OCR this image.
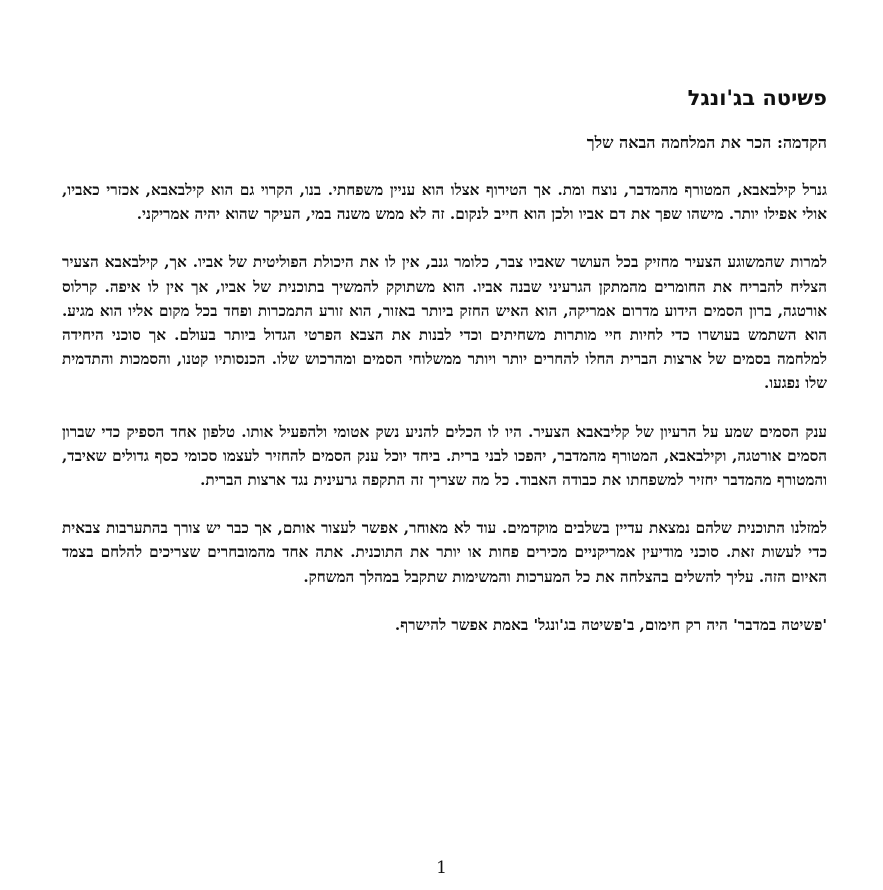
פשיטה בג'ונגל
הקדמה: הכר את המלחמה הבאה שלך

גנרל קילבאבא, המטורף מהמדבר, נוצח ומת. אך הטירוף אצלו הוא עניין משפחתי. בנו, הקרוי גם הוא קילבאבא, אכזרי כאביו, אולי אפילו יותר. מישהו שפך את דם אביו ולכן הוא חייב לנקום. זה לא ממש משנה במי, העיקר שהוא יהיה אמריקני.

למרות שהמשוגע הצעיר מחזיק בכל העושר שאביו צבר, כלומר גנב, אין לו את היכולת הפוליטית של אביו. אך, קילבאבא הצעיר הצליח להבריח את החומרים מהמתקן הגרעיני שבנה אביו. הוא משתוקק להמשיך בתוכנית של אביו, אך אין לו איפה. קרלוס אורטגה, ברון הסמים הידוע מדרום אמריקה, הוא האיש החזק ביותר באזור, הוא זורע התמכרות ופחד בכל מקום אליו הוא מגיע. הוא השתמש בעושרו כדי לחיות חיי מותרות משחיתים וכדי לבנות את הצבא הפרטי הגדול ביותר בעולם. אך סוכני היחידה למלחמה בסמים של ארצות הברית החלו להחרים יותר ויותר ממשלוחי הסמים ומהרכוש שלו. הכנסותיו קטנו, והסמכות והתדמית שלו נפגעו.

ענק הסמים שמע על הרעיון של קליבאבא הצעיר. היו לו הכלים להניע נשק אטומי ולהפעיל אותו. טלפון אחד הספיק כדי שברון הסמים אורטגה, וקילבאבא, המטורף מהמדבר, יהפכו לבני ברית. ביחד יוכל ענק הסמים להחזיר לעצמו סכומי כסף גדולים שאיבד, והמטורף מהמדבר יחזיר למשפחתו את כבודה האבוד. כל מה שצריך זה התקפה גרעינית נגד ארצות הברית.

למזלנו התוכנית שלהם נמצאת עדיין בשלבים מוקדמים. עוד לא מאוחר, אפשר לעצור אותם, אך כבר יש צורך בהתערבות צבאית כדי לעשות זאת. סוכני מודיעין אמריקניים מכירים פחות או יותר את התוכנית. אתה אחד מהמובחרים שצריכים להלחם בצמד האיום הזה. עליך להשלים בהצלחה את כל המערכות והמשימות שתקבל במהלך המשחק.

'פשיטה במדבר' היה רק חימום, ב'פשיטה בג'ונגל' באמת אפשר להישרף.

1
